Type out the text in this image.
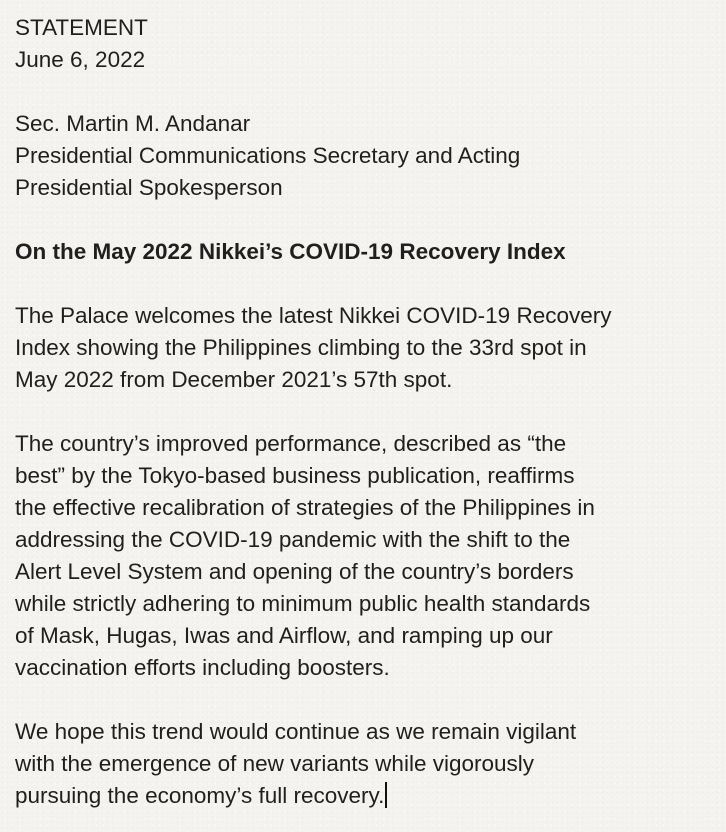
STATEMENT
June 6, 2022
Sec. Martin M. Andanar
Presidential Communications Secretary and Acting
Presidential Spokesperson
On the May 2022 Nikkei’s COVID-19 Recovery Index
The Palace welcomes the latest Nikkei COVID-19 Recovery
Index showing the Philippines climbing to the 33rd spot in
May 2022 from December 2021’s 57th spot.
The country’s improved performance, described as “the
best” by the Tokyo-based business publication, reaffirms
the effective recalibration of strategies of the Philippines in
addressing the COVID-19 pandemic with the shift to the
Alert Level System and opening of the country’s borders
while strictly adhering to minimum public health standards
of Mask, Hugas, Iwas and Airflow, and ramping up our
vaccination efforts including boosters.
We hope this trend would continue as we remain vigilant
with the emergence of new variants while vigorously
pursuing the economy’s full recovery.
